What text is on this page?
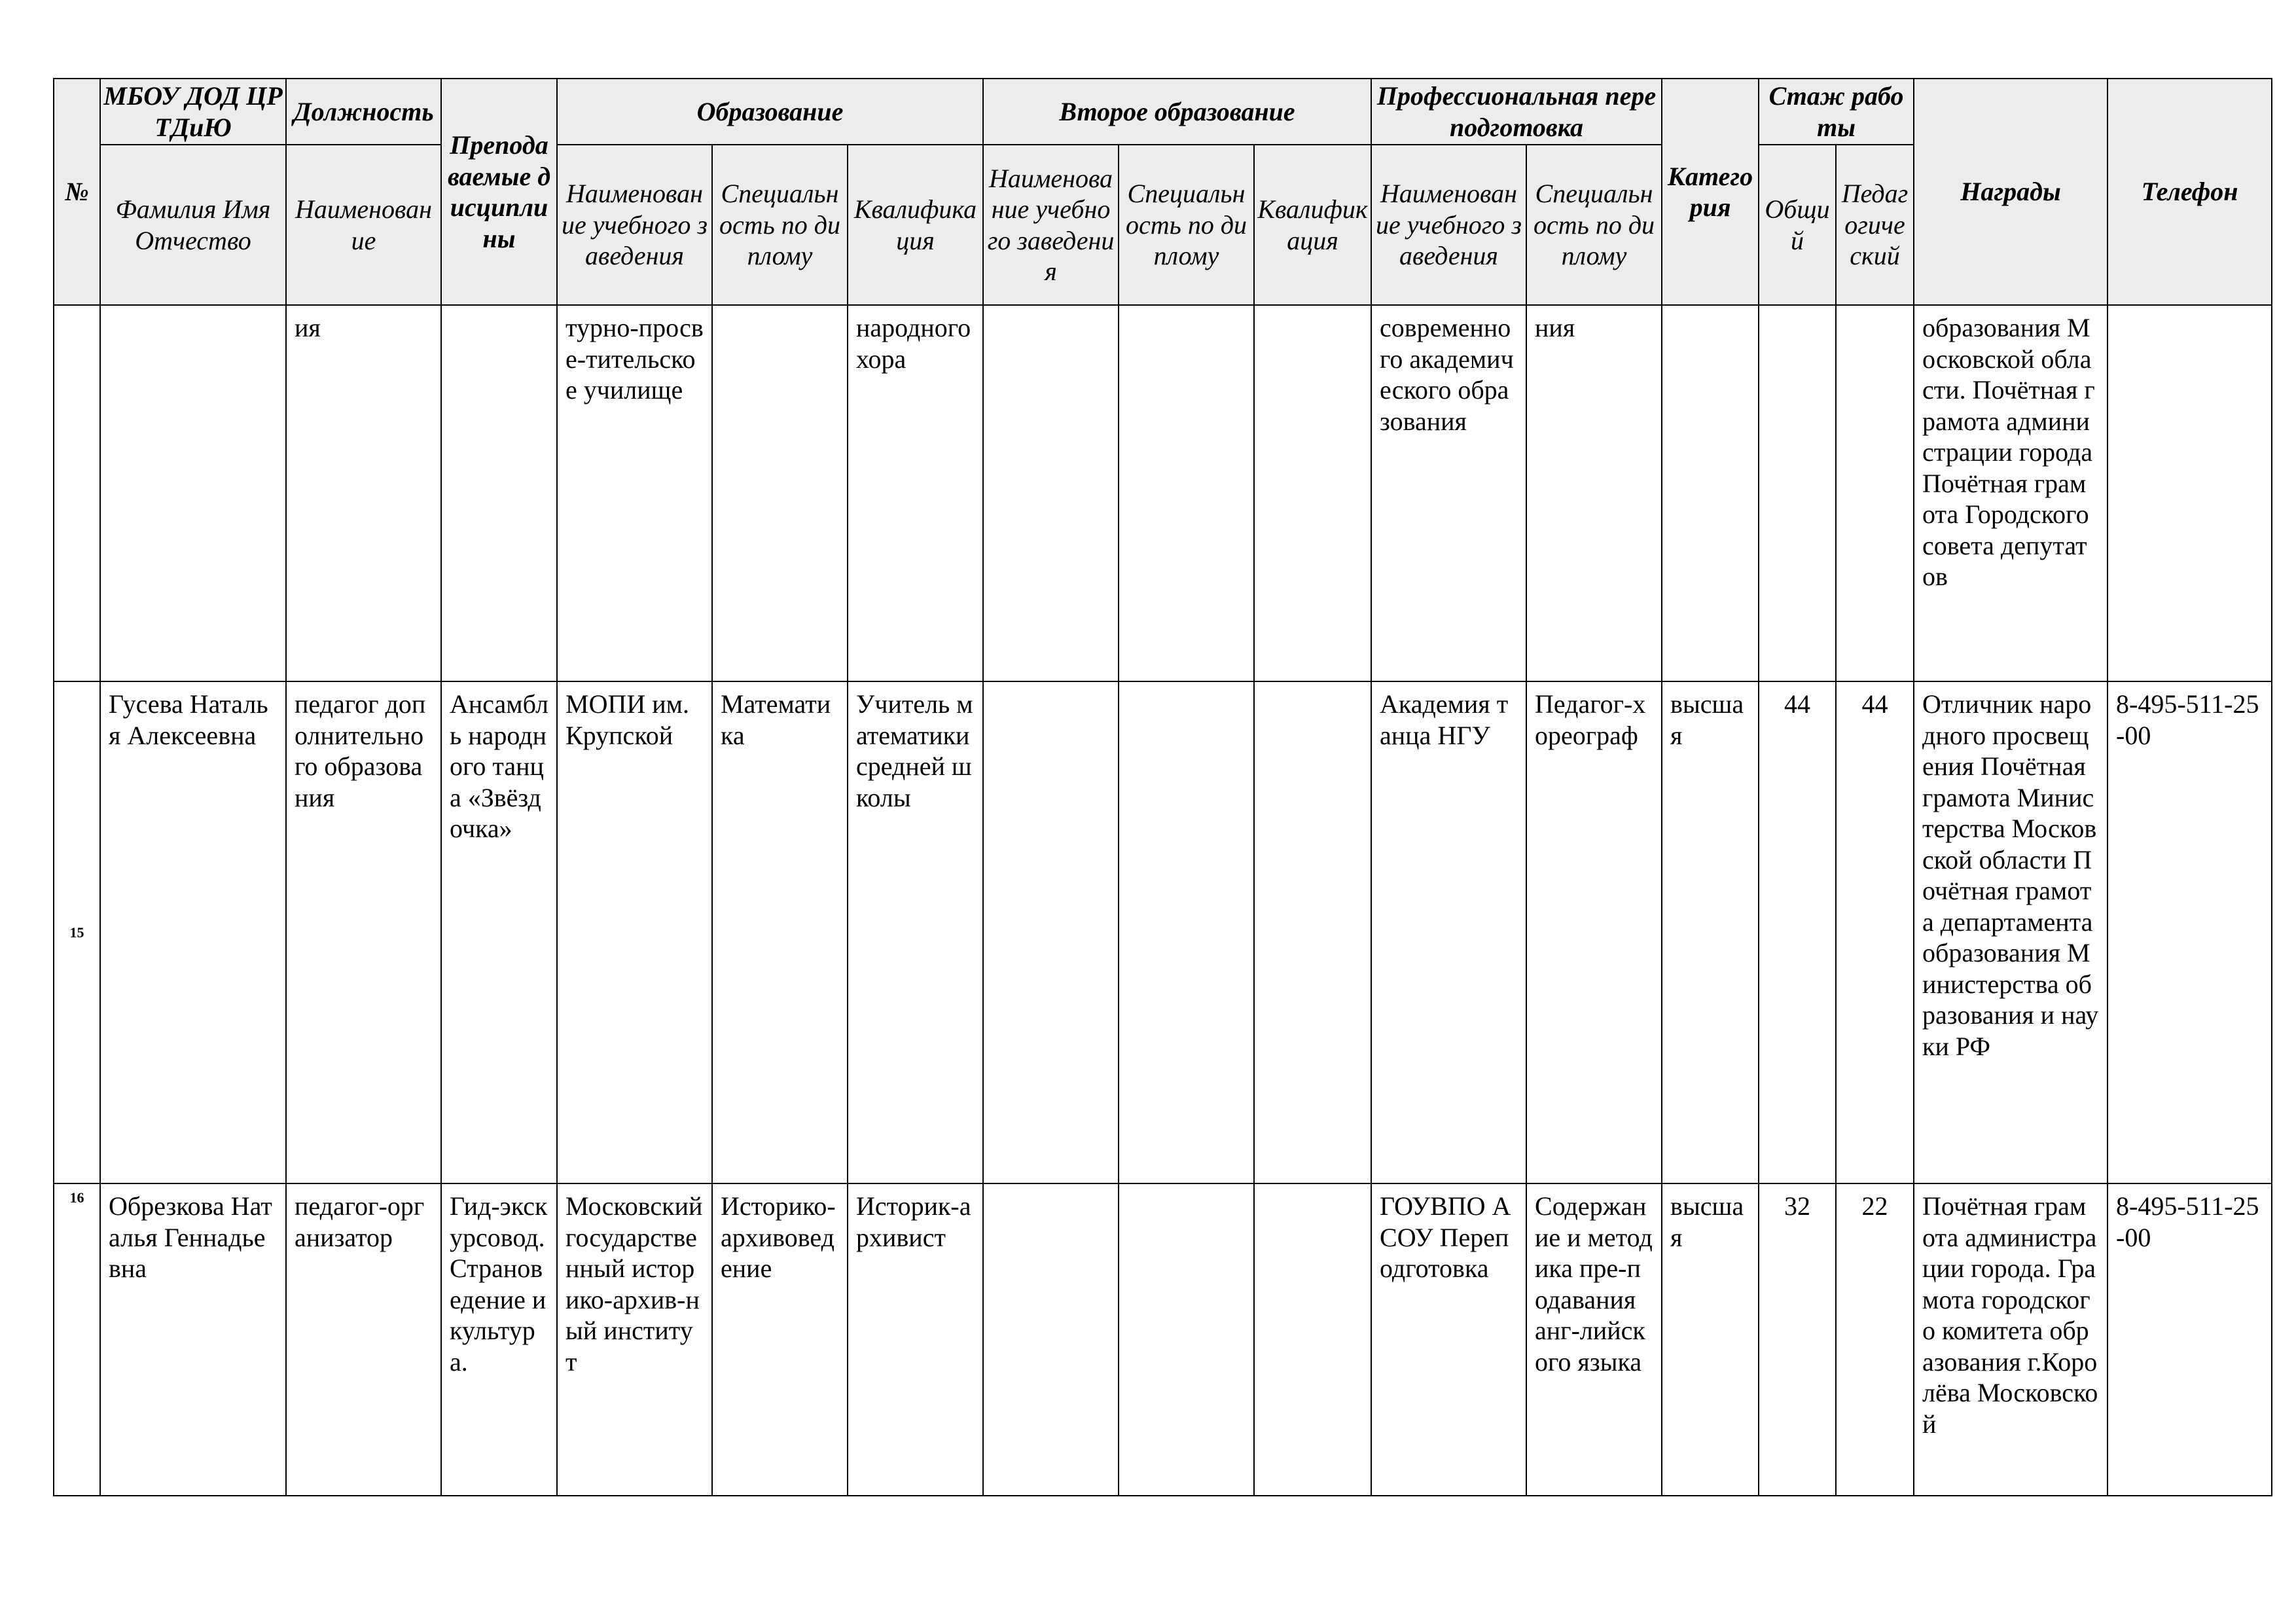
№	МБОУ ДОД ЦРТДиЮ	Должность	Преподаваемые дисциплины	Образование			Второе образование			Профессиональная переподготовка		Категория	Стаж работы		Награды	Телефон
	Фамилия Имя Отчество	Наименование		Наименование учебного заведения	Специальность по диплому	Квалификация	Наименование учебного заведения	Специальность по диплому	Квалификация	Наименование учебного заведения	Специальность по диплому		Общий	Педагогический		
		ия		турно-просве-тительское училище		народного хора				современного академического образования	ния				образования Московской области. Почётная грамота администрации города Почётная грамота Городского совета депутатов	
15	Гусева Наталья Алексеевна	педагог дополнительного образования	Ансамбль народного танца «Звёздочка»	МОПИ им.Крупской	Математика	Учитель математики средней школы				Академия танца НГУ	Педагог-хореограф	высшая	44	44	Отличник народного просвещения Почётная грамота Министерства Московской области Почётная грамота департамента образования Министерства образования и науки РФ	8-495-511-25-00
16	Обрезкова Наталья Геннадьевна	педагог-организатор	Гид-экскурсовод. Страноведение и культура.	Московский государственный историко-архив-ный институт	Историко-архивоведение	Историк-архивист				ГОУВПО АСОУ Переподготовка	Содержание и методика пре-подавания анг-лийского языка	высшая	32	22	Почётная грамота администрации города. Грамота городского комитета образования г.Королёва Московской	8-495-511-25-00
